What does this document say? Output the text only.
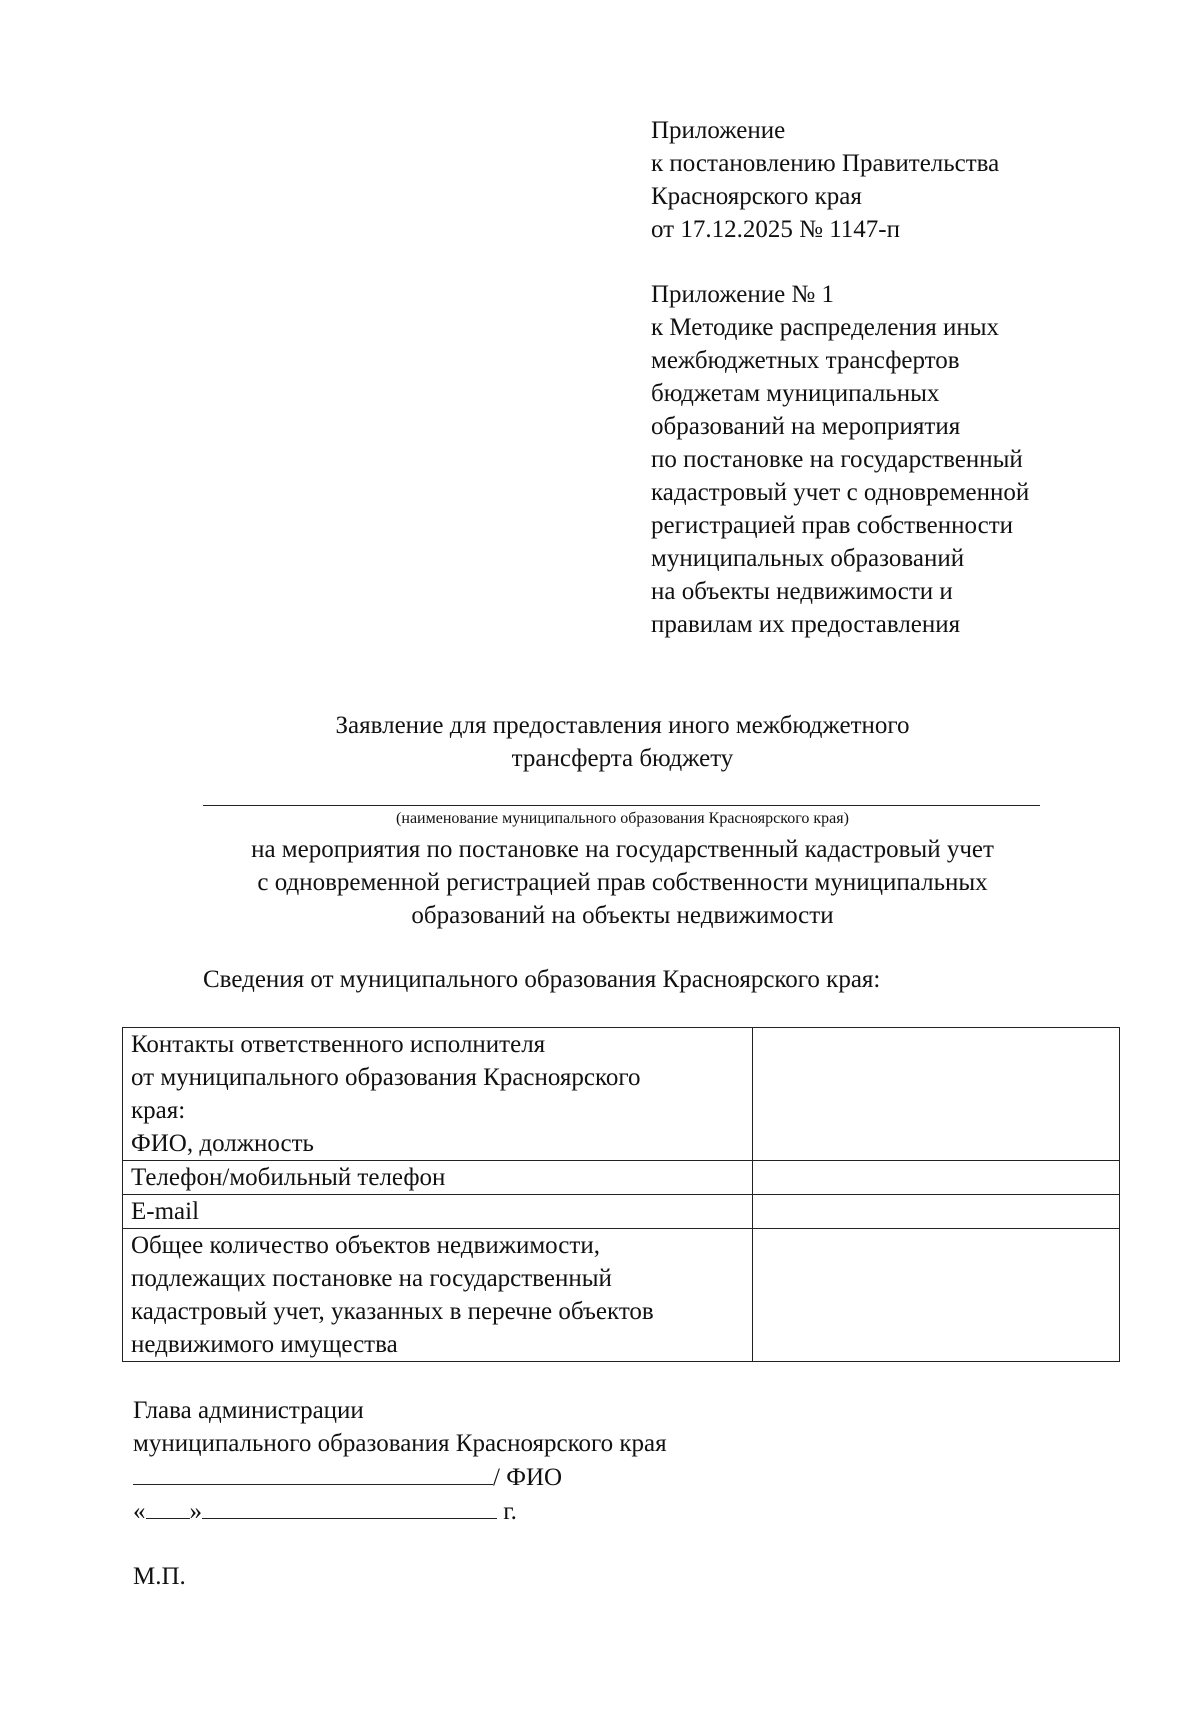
Приложение
к постановлению Правительства
Красноярского края
от 17.12.2025 № 1147-п
Приложение № 1
к Методике распределения иных
межбюджетных трансфертов
бюджетам муниципальных
образований на мероприятия
по постановке на государственный
кадастровый учет с одновременной
регистрацией прав собственности
муниципальных образований
на объекты недвижимости и
правилам их предоставления
Заявление для предоставления иного межбюджетного
трансферта бюджету
(наименование муниципального образования Красноярского края)
на мероприятия по постановке на государственный кадастровый учет
с одновременной регистрацией прав собственности муниципальных
образований на объекты недвижимости
Сведения от муниципального образования Красноярского края:
Контакты ответственного исполнителя
от муниципального образования Красноярского
края:
ФИО, должность	

Телефон/мобильный телефон	

E-mail	

Общее количество объектов недвижимости,
подлежащих постановке на государственный
кадастровый учет, указанных в перечне объектов
недвижимого имущества	

Глава администрации
муниципального образования Красноярского края
/ ФИО
« »	г.
М.П.
